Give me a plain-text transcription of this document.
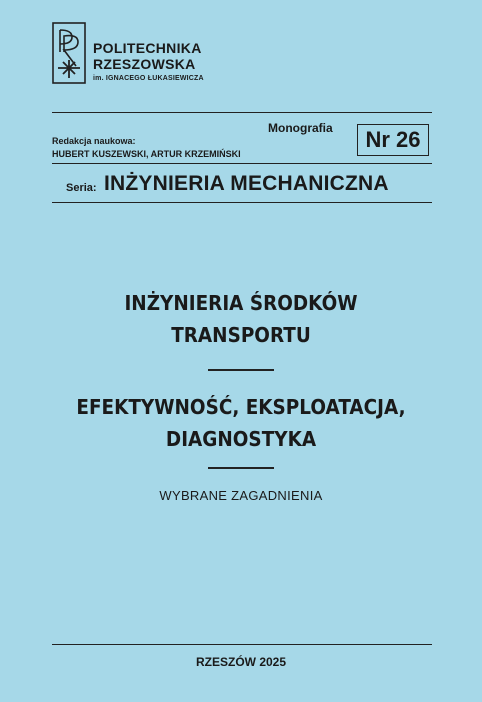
POLITECHNIKA
RZESZOWSKA
im. IGNACEGO ŁUKASIEWICZA
Monografia	Nr 26
Redakcja naukowa:
HUBERT KUSZEWSKI, ARTUR KRZEMIŃSKI
Seria: INŻYNIERIA MECHANICZNA
INŻYNIERIA ŚRODKÓW
TRANSPORTU
EFEKTYWNOŚĆ, EKSPLOATACJA,
DIAGNOSTYKA
WYBRANE ZAGADNIENIA
RZESZÓW 2025
